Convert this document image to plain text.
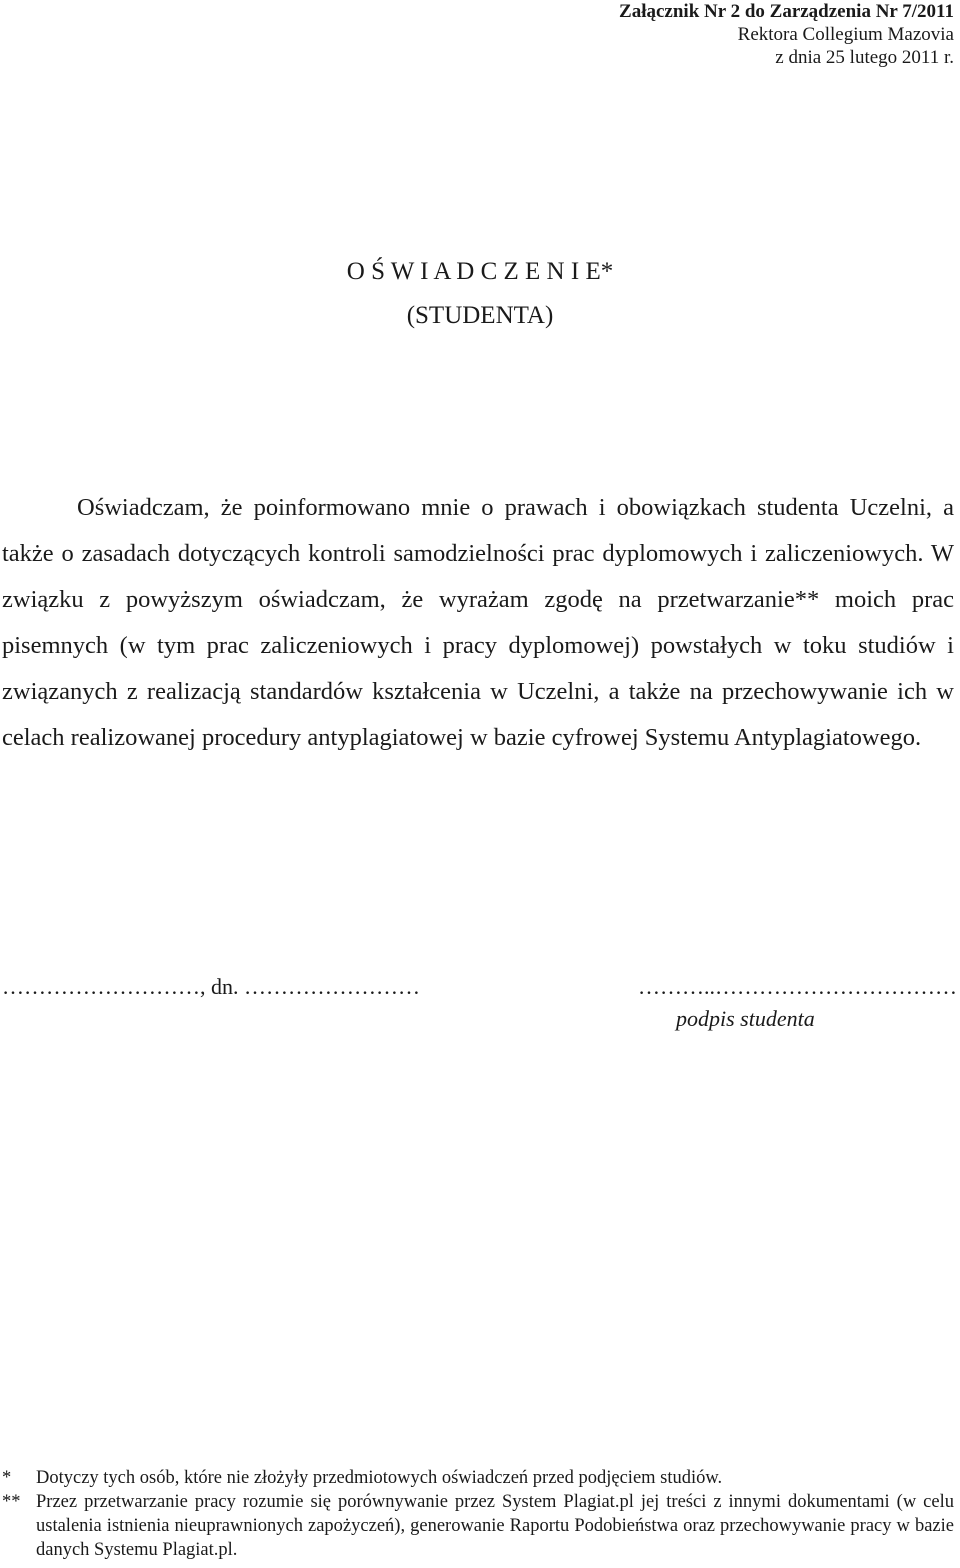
Załącznik Nr 2 do Zarządzenia Nr 7/2011
Rektora Collegium Mazovia
z dnia 25 lutego 2011 r.
O Ś W I A D C Z E N I E*
(STUDENTA)

Oświadczam, że poinformowano mnie o prawach i obowiązkach studenta Uczelni, a także o zasadach dotyczących kontroli samodzielności prac dyplomowych i zaliczeniowych. W związku z powyższym oświadczam, że wyrażam zgodę na przetwarzanie** moich prac pisemnych (w tym prac zaliczeniowych i pracy dyplomowej) powstałych w toku studiów i związanych z realizacją standardów kształcenia w Uczelni, a także na przechowywanie ich w celach realizowanej procedury antyplagiatowej w bazie cyfrowej Systemu Antyplagiatowego.

………………………, dn. ……………………	………..……………………………
podpis studenta
* Dotyczy tych osób, które nie złożyły przedmiotowych oświadczeń przed podjęciem studiów.
** Przez przetwarzanie pracy rozumie się porównywanie przez System Plagiat.pl jej treści z innymi dokumentami (w celu ustalenia istnienia nieuprawnionych zapożyczeń), generowanie Raportu Podobieństwa oraz przechowywanie pracy w bazie danych Systemu Plagiat.pl.
